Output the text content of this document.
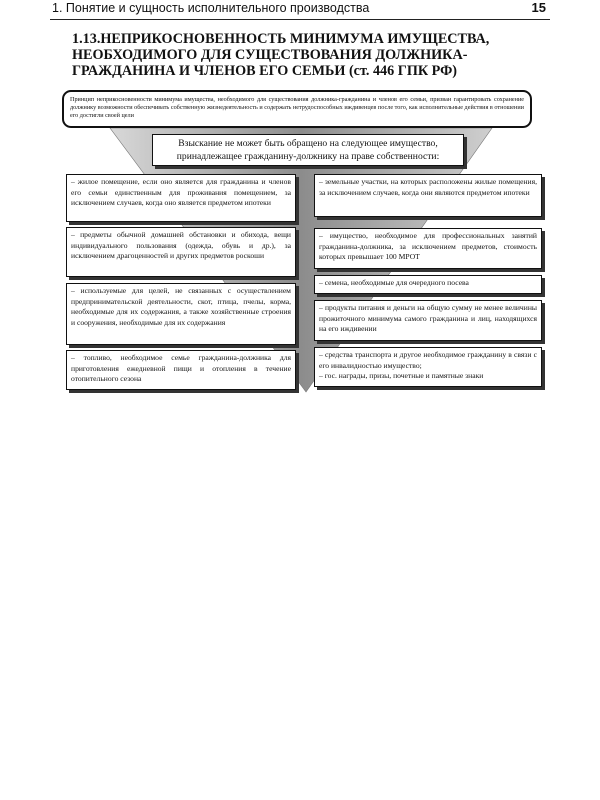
1. Понятие и сущность исполнительного производства	15
1.13.НЕПРИКОСНОВЕННОСТЬ МИНИМУМА ИМУЩЕСТВА,
НЕОБХОДИМОГО ДЛЯ СУЩЕСТВОВАНИЯ ДОЛЖНИКА-
ГРАЖДАНИНА И ЧЛЕНОВ ЕГО СЕМЬИ (ст. 446 ГПК РФ)
Принцип неприкосновенности минимума имущества, необходимого для существования должника-гражданина и членов его семьи, призван гарантировать сохранение должнику возможности обеспечивать собственную жизнедеятельность и содержать нетрудоспособных иждивенцев после того, как исполнительные действия в отношении его достигли своей цели
Взыскание не может быть обращено на следующее имущество,
принадлежащее гражданину-должнику на праве собственности:
– жилое помещение, если оно является для гражданина и членов его семьи единственным для проживания помещением, за исключением случаев, когда оно является предметом ипотеки
– предметы обычной домашней обстановки и обихода, вещи индивидуального пользования (одежда, обувь и др.), за исключением драгоценностей и других предметов роскоши
– используемые для целей, не связанных с осуществлением предпринимательской деятельности, скот, птица, пчелы, корма, необходимые для их содержания, а также хозяйственные строения и сооружения, необходимые для их содержания
– топливо, необходимое семье гражданина-должника для приготовления ежедневной пищи и отопления в течение отопительного сезона
– земельные участки, на которых расположены жилые помещения, за исключением случаев, когда они являются предметом ипотеки
– имущество, необходимое для профессиональных занятий гражданина-должника, за исключением предметов, стоимость которых превышает 100 МРОТ
– семена, необходимые для очередного посева
– продукты питания и деньги на общую сумму не менее величины прожиточного минимума самого гражданина и лиц, находящихся на его иждивении
– средства транспорта и другое необходимое гражданину в связи с его инвалидностью имущество;
– гос. награды, призы, почетные и памятные знаки
